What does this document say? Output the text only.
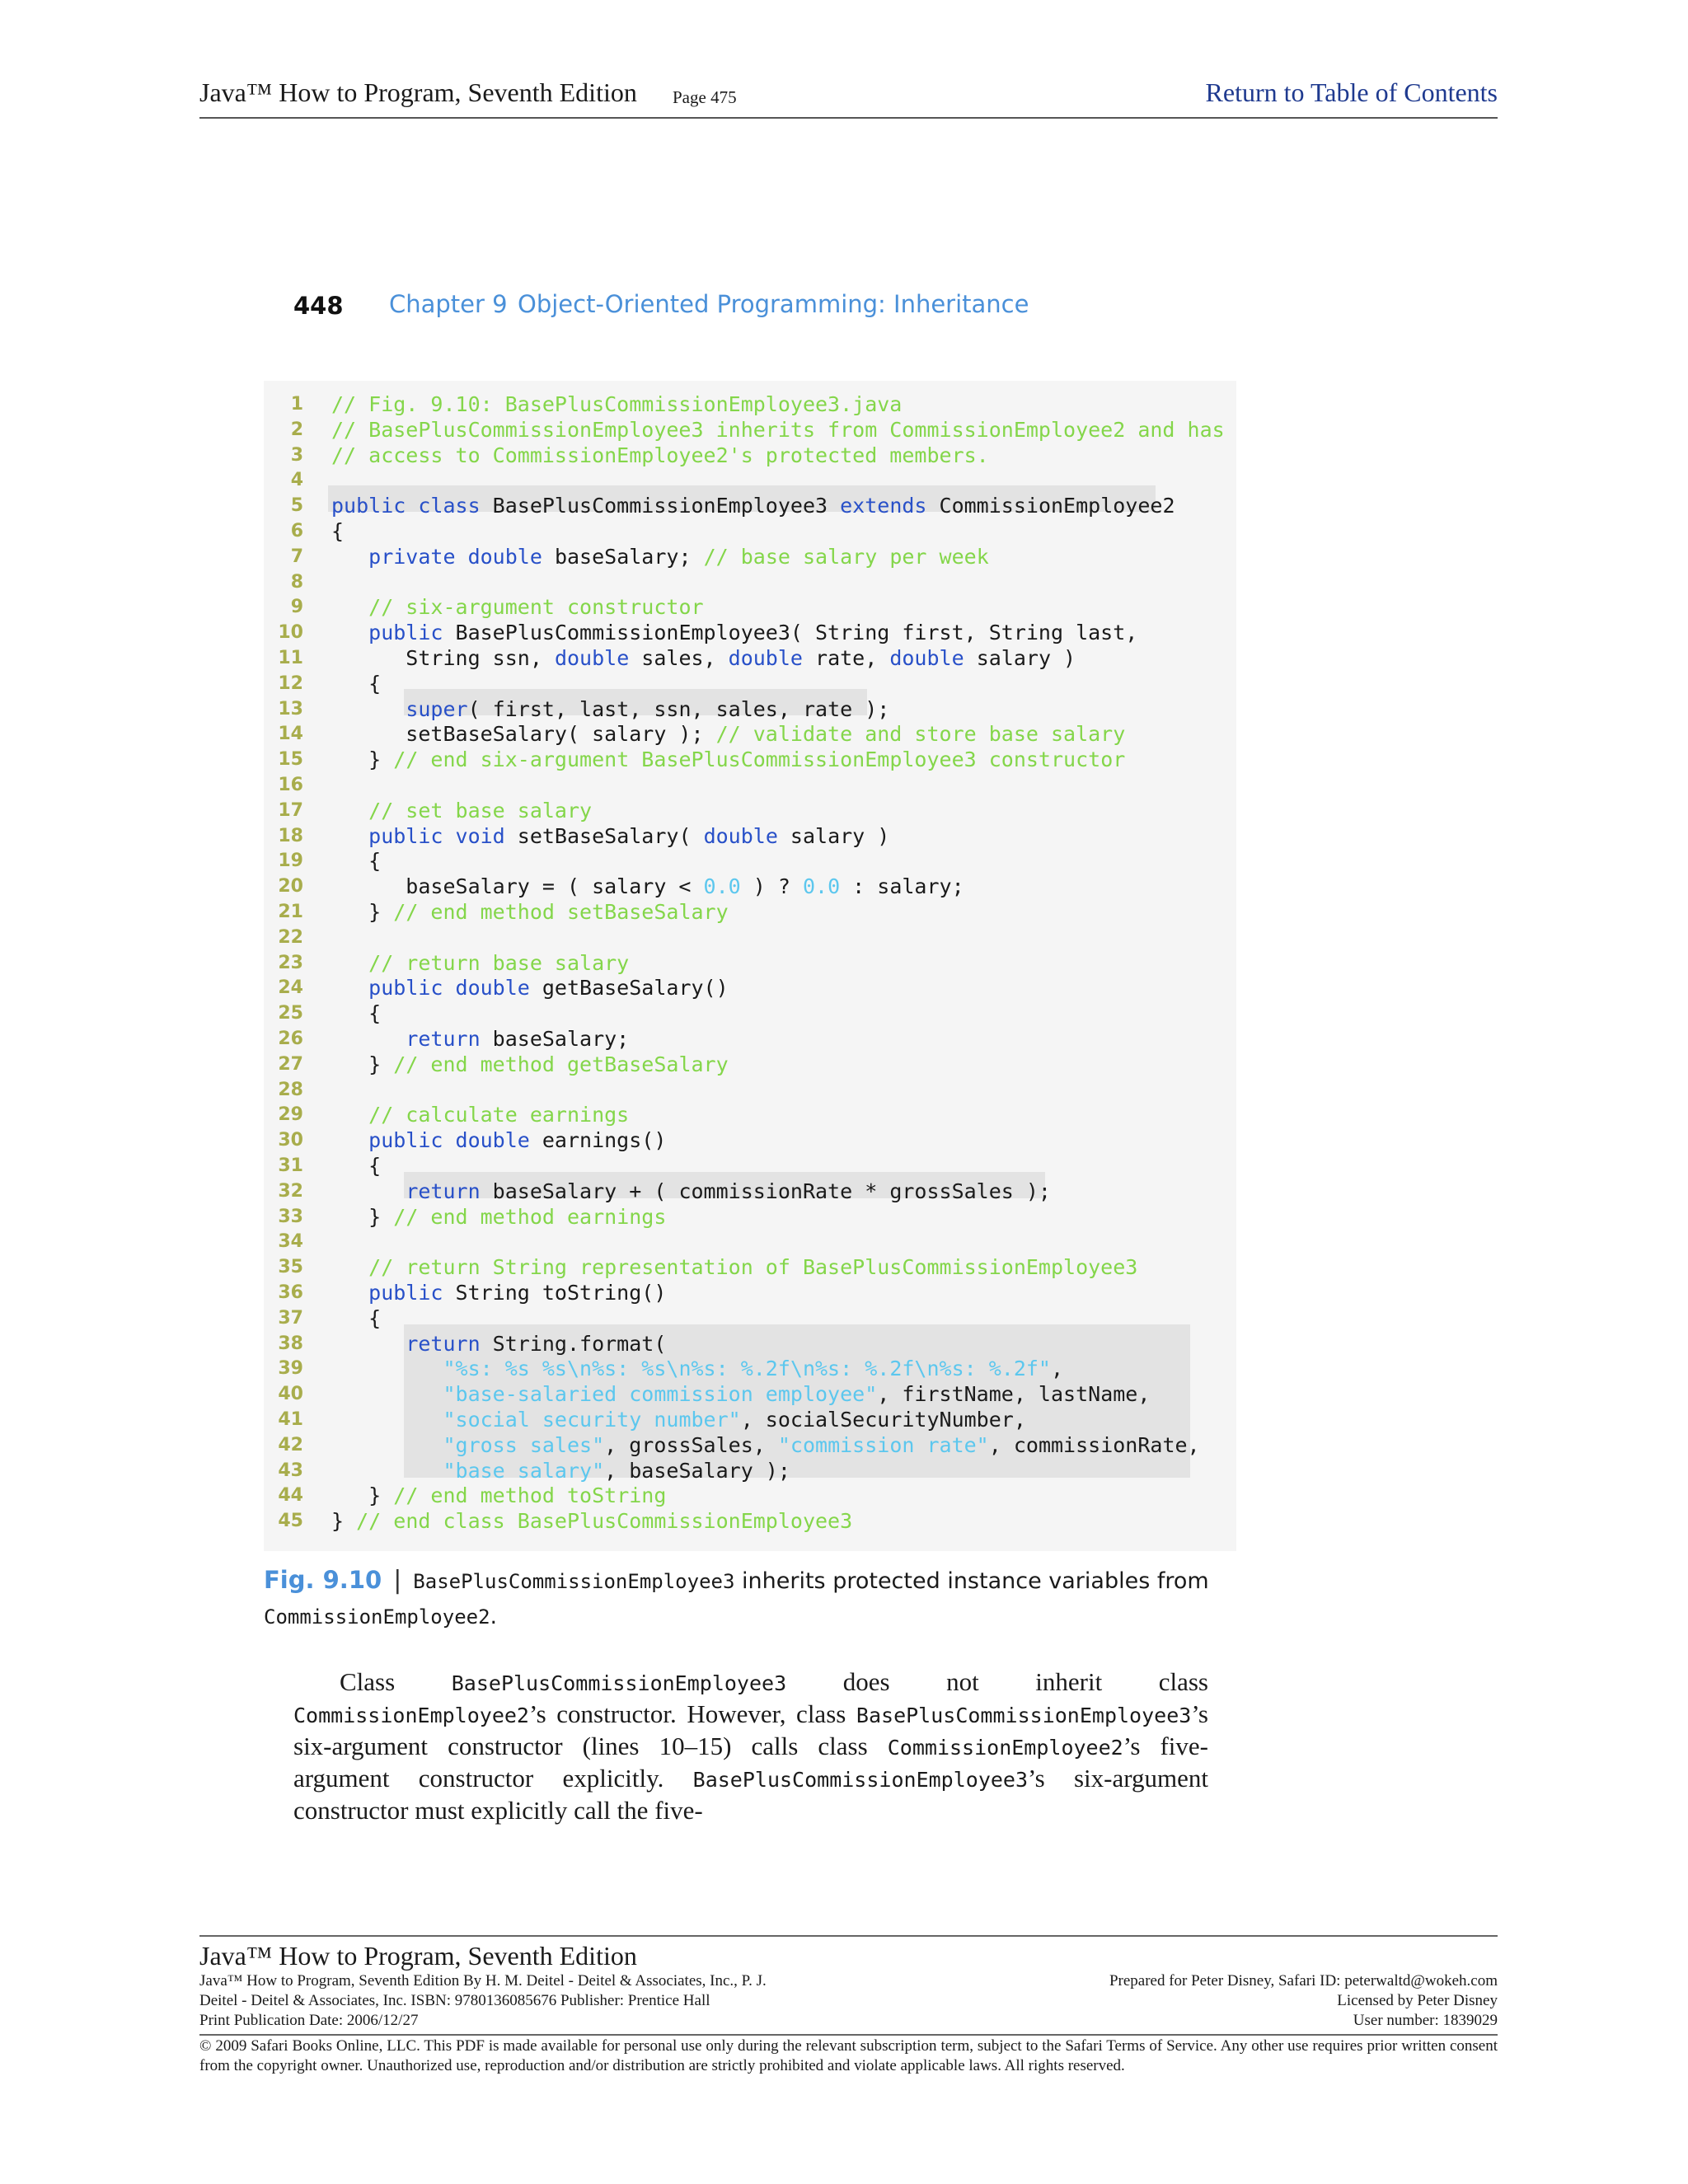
Java™ How to Program, Seventh Edition Page 475	Return to Table of Contents
448 Chapter 9 Object-Oriented Programming: Inheritance
1 // Fig. 9.10: BasePlusCommissionEmployee3.java
2 // BasePlusCommissionEmployee3 inherits from CommissionEmployee2 and has
3 // access to CommissionEmployee2's protected members.
4
5 public class BasePlusCommissionEmployee3 extends CommissionEmployee2
6 {
7	private double baseSalary; // base salary per week
8
9	// six-argument constructor
10	public BasePlusCommissionEmployee3( String first, String last,
11 String ssn, double sales, double rate, double salary )
12 {
13	super( first, last, ssn, sales, rate );
14 setBaseSalary( salary ); // validate and store base salary
15 } // end six-argument BasePlusCommissionEmployee3 constructor
16
17	// set base salary
18	public void setBaseSalary( double salary )
19 {
20 baseSalary = ( salary < 0.0 ) ? 0.0 : salary;
21 } // end method setBaseSalary
22
23	// return base salary
24	public double getBaseSalary()
25 {
26	return baseSalary;
27 } // end method getBaseSalary
28
29	// calculate earnings
30	public double earnings()
31 {
32	return baseSalary + ( commissionRate * grossSales );
33 } // end method earnings
34
35	// return String representation of BasePlusCommissionEmployee3
36	public String toString()
37 {
38	return String.format(
39	"%s: %s %s\n%s: %s\n%s: %.2f\n%s: %.2f\n%s: %.2f",
40	"base-salaried commission employee", firstName, lastName,
41	"social security number", socialSecurityNumber,
42	"gross sales", grossSales, "commission rate", commissionRate,
43	"base salary", baseSalary );
44 } // end method toString
45 } // end class BasePlusCommissionEmployee3
Fig. 9.10 | BasePlusCommissionEmployee3 inherits protected instance variables from
CommissionEmployee2.
Class BasePlusCommissionEmployee3 does not inherit class CommissionEmployee2’s constructor. However, class BasePlusCommissionEmployee3’s six-argument constructor (lines 10–15) calls class CommissionEmployee2’s five-argument constructor explicitly. BasePlusCommissionEmployee3’s six-argument constructor must explicitly call the five-
Java™ How to Program, Seventh Edition
Java™ How to Program, Seventh Edition By H. M. Deitel - Deitel & Associates, Inc., P. J.
Deitel - Deitel & Associates, Inc. ISBN: 9780136085676 Publisher: Prentice Hall
Print Publication Date: 2006/12/27
Prepared for Peter Disney, Safari ID: peterwaltd@wokeh.com
Licensed by Peter Disney
User number: 1839029
© 2009 Safari Books Online, LLC. This PDF is made available for personal use only during the relevant subscription term, subject to the Safari Terms of Service. Any other use requires prior written consent from the copyright owner. Unauthorized use, reproduction and/or distribution are strictly prohibited and violate applicable laws. All rights reserved.
